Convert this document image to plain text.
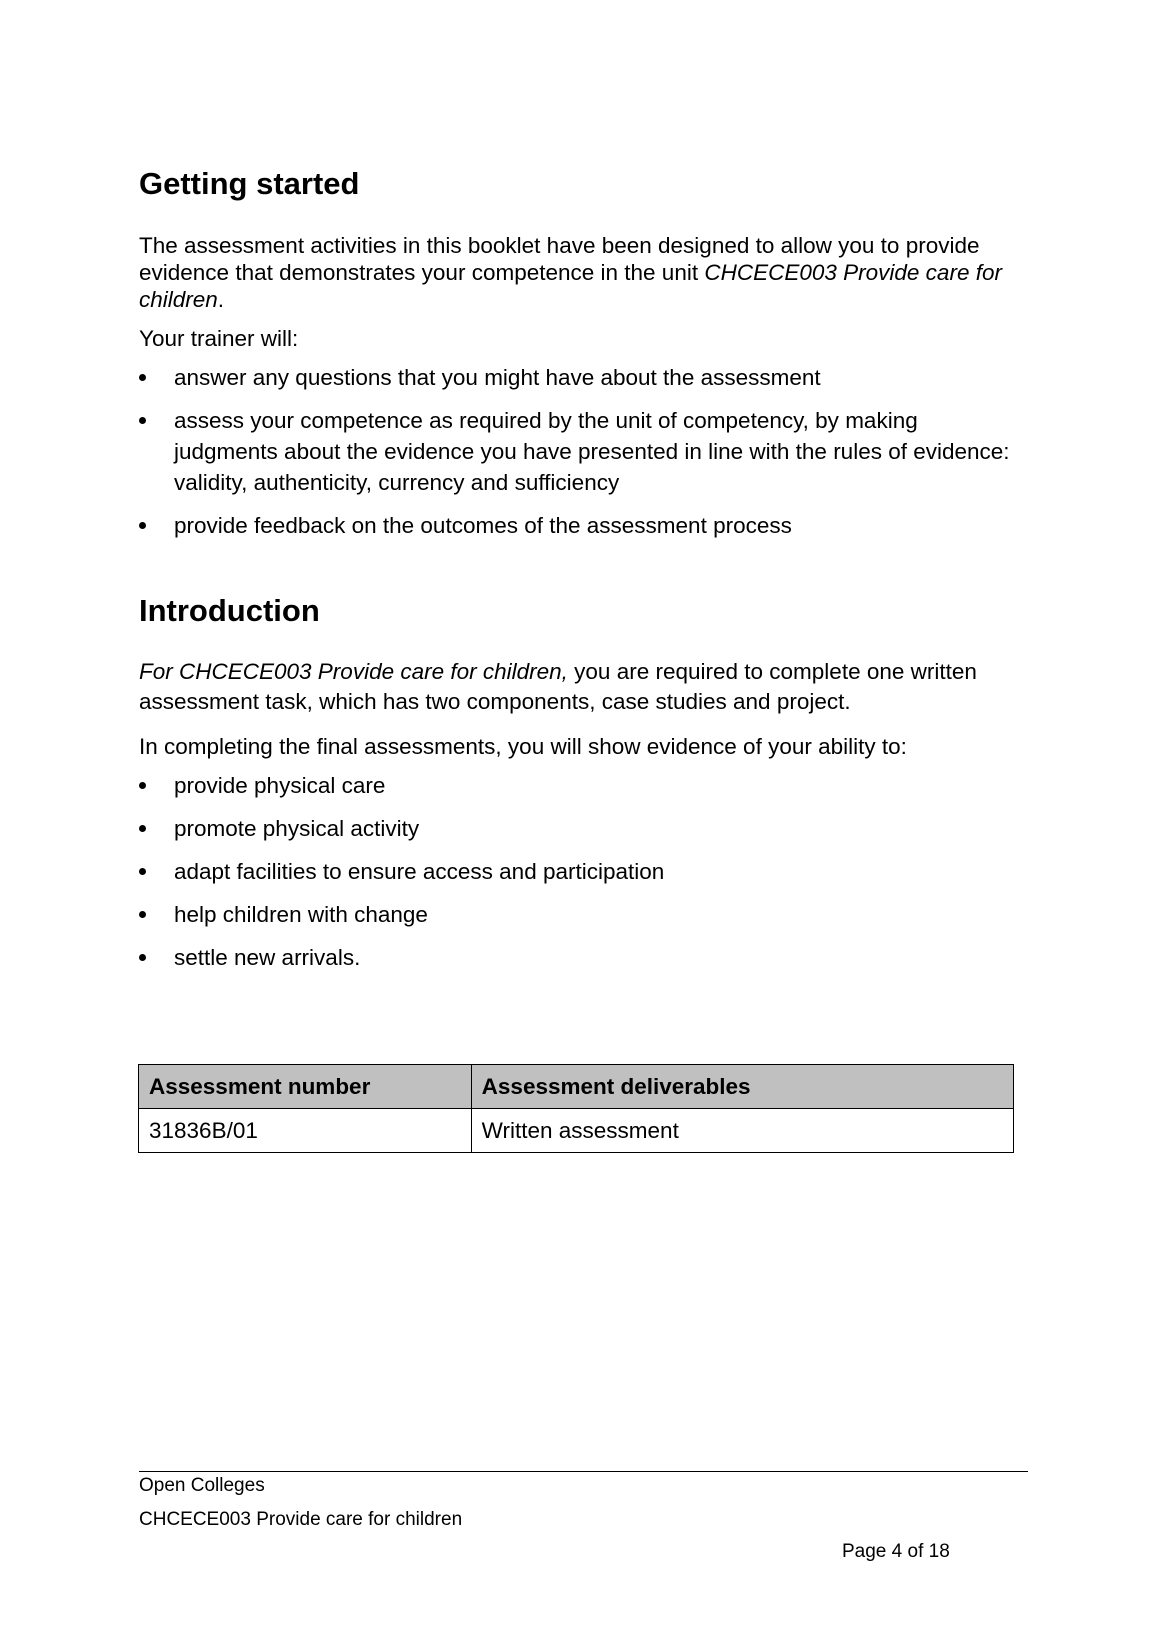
Getting started

The assessment activities in this booklet have been designed to allow you to provide evidence that demonstrates your competence in the unit CHCECE003 Provide care for children.

Your trainer will:

answer any questions that you might have about the assessment
assess your competence as required by the unit of competency, by making judgments about the evidence you have presented in line with the rules of evidence: validity, authenticity, currency and sufficiency
provide feedback on the outcomes of the assessment process
Introduction

For CHCECE003 Provide care for children, you are required to complete one written assessment task, which has two components, case studies and project.

In completing the final assessments, you will show evidence of your ability to:

provide physical care
promote physical activity
adapt facilities to ensure access and participation
help children with change
settle new arrivals.
Assessment number	Assessment deliverables
31836B/01	Written assessment
Open Colleges
CHCECE003 Provide care for children
Page 4 of 18
